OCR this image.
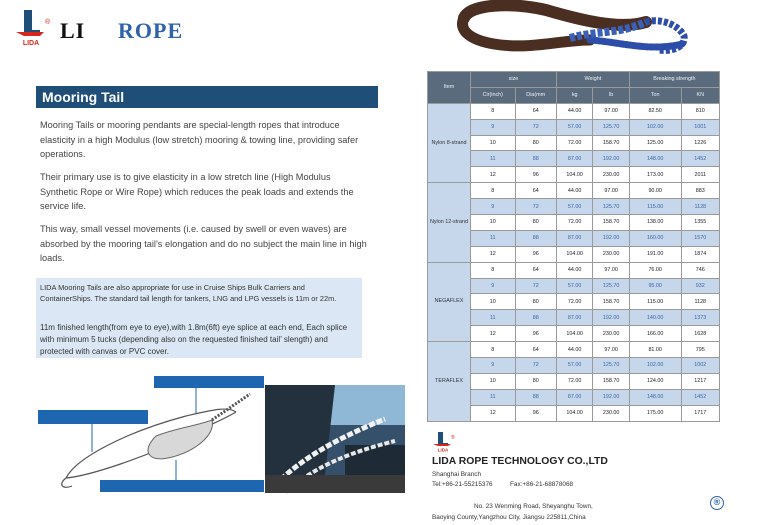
LIDA
® LI ROPE
Mooring Tail

Mooring Tails or mooring pendants are special-length ropes that introduce elasticity in a high Modulus (low stretch) mooring & towing line, providing safer operations.

Their primary use is to give elasticity in a low stretch line (High Modulus Synthetic Rope or Wire Rope) which reduces the peak loads and extends the service life.

This way, small vessel movements (i.e. caused by swell or even waves) are absorbed by the mooring tail’s elongation and do no subject the main line in high loads.

LIDA Mooring Tails are also appropriate for use in Cruise Ships Bulk Carriers and ContainerShips. The standard tail length for tankers, LNG and LPG vessels is 11m or 22m.

11m finished length(from eye to eye),with 1.8m(6ft) eye splice at each end, Each splice with minimum 5 tucks (depending also on the requested finished tail’ slength) and protected with canvas or PVC cover.

Item	size		Weight		Breaking strength	
	Cir(inch)	Dia(mm	kg	lb	Ton	KN
Nylon 8-strand	8	64	44.00	97.00	82.50	810
	9	72	57.00	125.70	102.00	1001
	10	80	72.00	158.70	125.00	1226
	11	88	87.00	192.00	148.00	1452
	12	96	104.00	230.00	173.00	2011
Nylon 12-strand	8	64	44.00	97.00	90.00	883
	9	72	57.00	125.70	115.00	1128
	10	80	72.00	158.70	138.00	1355
	11	88	87.00	192.00	160.00	1570
	12	96	104.00	230.00	191.00	1874
NEGAFLEX	8	64	44.00	97.00	76.00	746
	9	72	57.00	125.70	95.00	932
	10	80	72.00	158.70	115.00	1128
	11	88	87.00	192.00	140.00	1373
	12	96	104.00	230.00	166.00	1628
TERAFLEX	8	64	44.00	97.00	81.00	795
	9	72	57.00	125.70	102.00	1002
	10	80	72.00	158.70	124.00	1217
	11	88	87.00	192.00	148.00	1452
	12	96	104.00	230.00	175.00	1717
LIDA
®
LIDA ROPE TECHNOLOGY CO.,LTD
Shanghai Branch
Tel:+86-21-55215376	Fax:+86-21-68878068
No. 23 Wenming Road, Sheyanghu Town,
Baoying County,Yangzhou City, Jiangsu 225811,China
®
